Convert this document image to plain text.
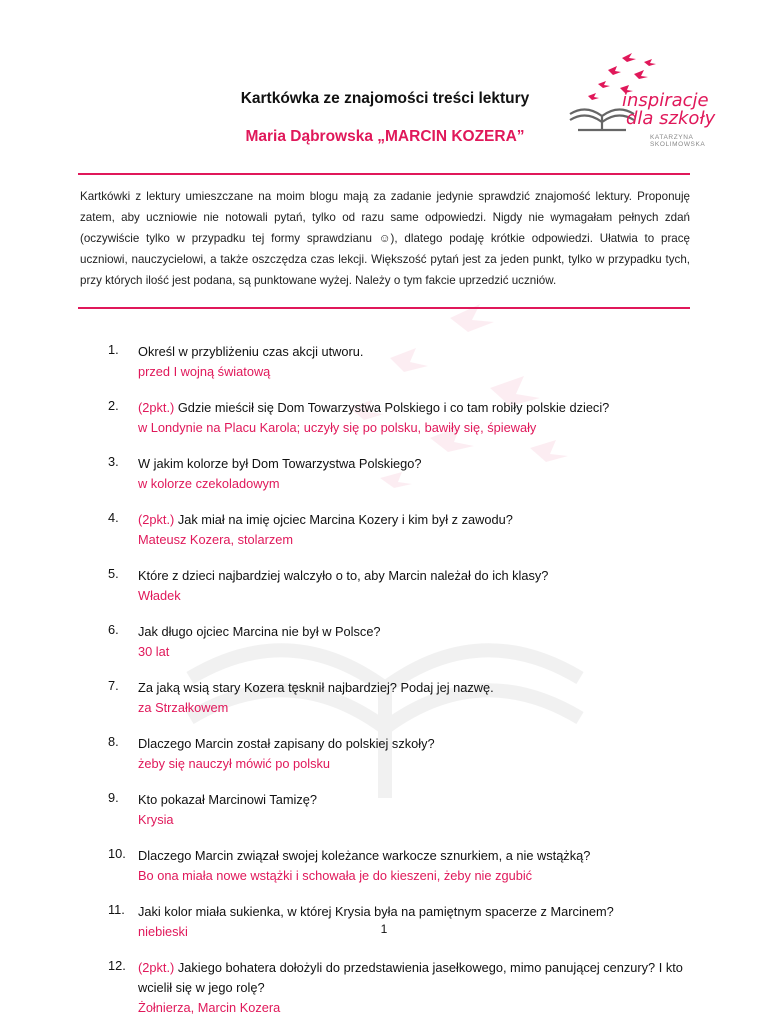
Kartkówka ze znajomości treści lektury
Maria Dąbrowska „MARCIN KOZERA”
inspiracje
dla szkoły
KATARZYNA SKOLIMOWSKA
Kartkówki z lektury umieszczane na moim blogu mają za zadanie jedynie sprawdzić znajomość lektury. Proponuję zatem, aby uczniowie nie notowali pytań, tylko od razu same odpowiedzi. Nigdy nie wymagałam pełnych zdań (oczywiście tylko w przypadku tej formy sprawdzianu ☺), dlatego podaję krótkie odpowiedzi. Ułatwia to pracę uczniowi, nauczycielowi, a także oszczędza czas lekcji. Większość pytań jest za jeden punkt, tylko w przypadku tych, przy których ilość jest podana, są punktowane wyżej. Należy o tym fakcie uprzedzić uczniów.
1.	Określ w przybliżeniu czas akcji utworu.
przed I wojną światową
2.	(2pkt.) Gdzie mieścił się Dom Towarzystwa Polskiego i co tam robiły polskie dzieci?
w Londynie na Placu Karola; uczyły się po polsku, bawiły się, śpiewały
3.	W jakim kolorze był Dom Towarzystwa Polskiego?
w kolorze czekoladowym
4.	(2pkt.) Jak miał na imię ojciec Marcina Kozery i kim był z zawodu?
Mateusz Kozera, stolarzem
5.	Które z dzieci najbardziej walczyło o to, aby Marcin należał do ich klasy?
Władek
6.	Jak długo ojciec Marcina nie był w Polsce?
30 lat
7.	Za jaką wsią stary Kozera tęsknił najbardziej? Podaj jej nazwę.
za Strzałkowem
8.	Dlaczego Marcin został zapisany do polskiej szkoły?
żeby się nauczył mówić po polsku
9.	Kto pokazał Marcinowi Tamizę?
Krysia
10. Dlaczego Marcin związał swojej koleżance warkocze sznurkiem, a nie wstążką?
Bo ona miała nowe wstążki i schowała je do kieszeni, żeby nie zgubić
11.	Jaki kolor miała sukienka, w której Krysia była na pamiętnym spacerze z Marcinem?
niebieski
12. (2pkt.) Jakiego bohatera dołożyli do przedstawienia jasełkowego, mimo panującej cenzury? I kto wcielił się w jego rolę?
Żołnierza, Marcin Kozera
1
